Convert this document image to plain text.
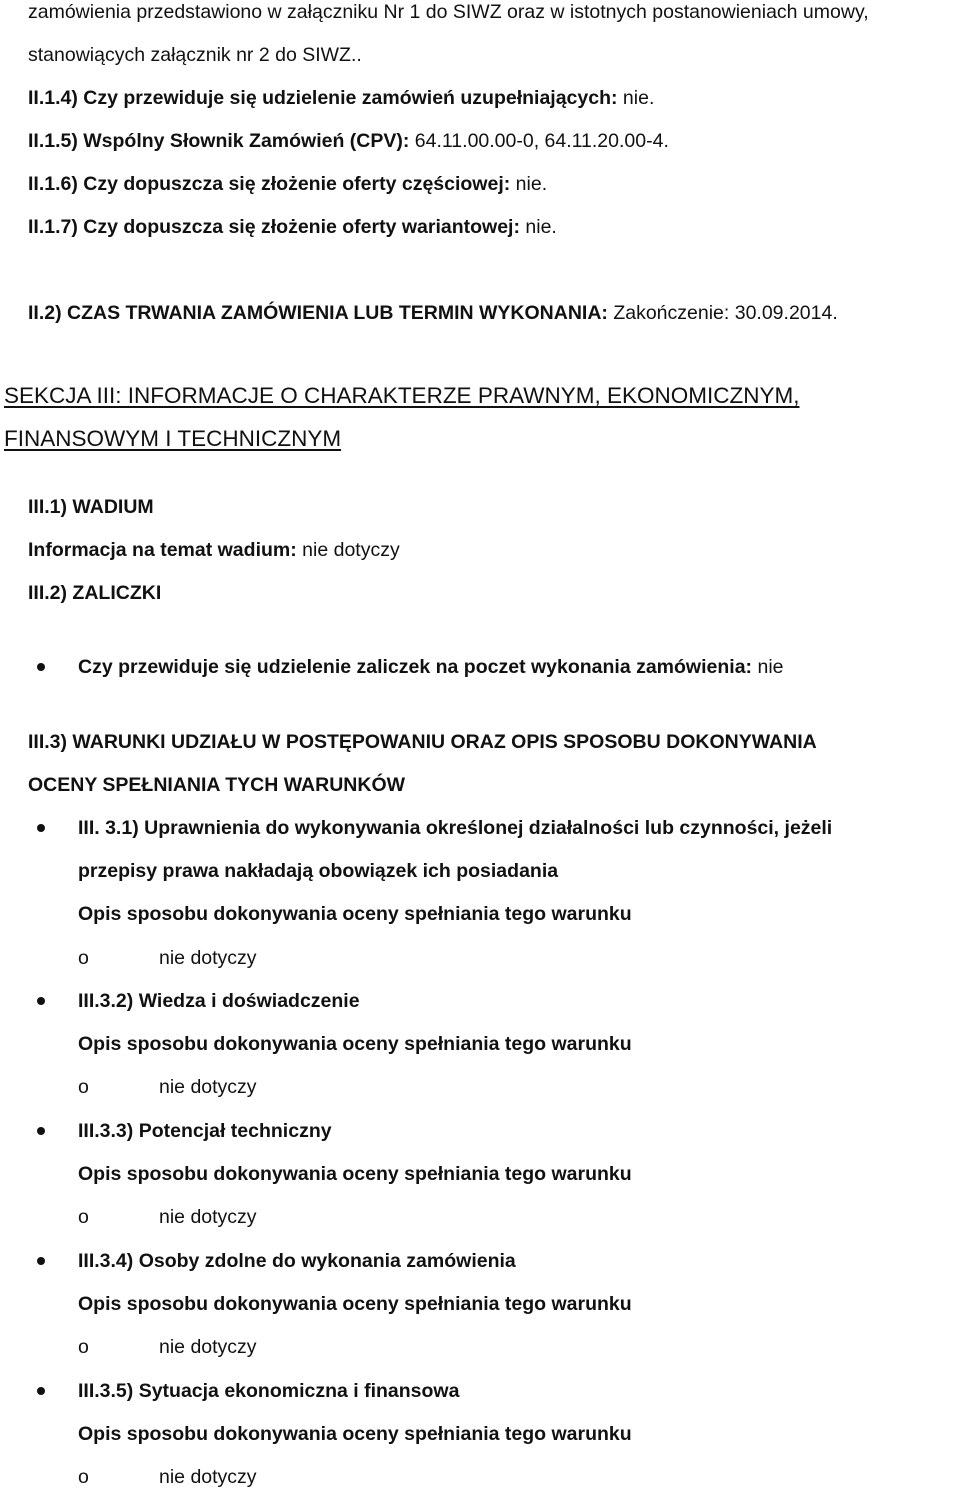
zamówienia przedstawiono w załączniku Nr 1 do SIWZ oraz w istotnych postanowieniach umowy,
stanowiących załącznik nr 2 do SIWZ..
II.1.4) Czy przewiduje się udzielenie zamówień uzupełniających: nie.
II.1.5) Wspólny Słownik Zamówień (CPV): 64.11.00.00-0, 64.11.20.00-4.
II.1.6) Czy dopuszcza się złożenie oferty częściowej: nie.
II.1.7) Czy dopuszcza się złożenie oferty wariantowej: nie.
II.2) CZAS TRWANIA ZAMÓWIENIA LUB TERMIN WYKONANIA: Zakończenie: 30.09.2014.
SEKCJA III: INFORMACJE O CHARAKTERZE PRAWNYM, EKONOMICZNYM,
FINANSOWYM I TECHNICZNYM
III.1) WADIUM
Informacja na temat wadium: nie dotyczy
III.2) ZALICZKI
Czy przewiduje się udzielenie zaliczek na poczet wykonania zamówienia: nie
III.3) WARUNKI UDZIAŁU W POSTĘPOWANIU ORAZ OPIS SPOSOBU DOKONYWANIA
OCENY SPEŁNIANIA TYCH WARUNKÓW
III. 3.1) Uprawnienia do wykonywania określonej działalności lub czynności, jeżeli
przepisy prawa nakładają obowiązek ich posiadania
Opis sposobu dokonywania oceny spełniania tego warunku
o	nie dotyczy
III.3.2) Wiedza i doświadczenie
Opis sposobu dokonywania oceny spełniania tego warunku
o	nie dotyczy
III.3.3) Potencjał techniczny
Opis sposobu dokonywania oceny spełniania tego warunku
o	nie dotyczy
III.3.4) Osoby zdolne do wykonania zamówienia
Opis sposobu dokonywania oceny spełniania tego warunku
o	nie dotyczy
III.3.5) Sytuacja ekonomiczna i finansowa
Opis sposobu dokonywania oceny spełniania tego warunku
o	nie dotyczy
